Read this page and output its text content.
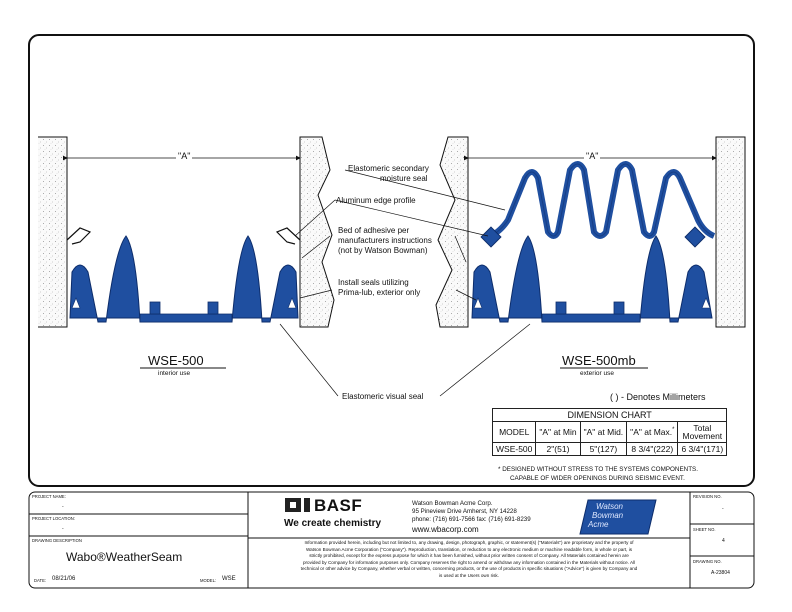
"A"	"A"
Elastomeric secondary
moisture seal
Aluminum edge profile
Bed of adhesive per
manufacturers instructions
(not by Watson Bowman)
Install seals utilizing
Prima-lub, exterior only
Elastomeric visual seal
WSE-500
interior use
WSE-500mb
exterior use
( ) - Denotes Millimeters
DIMENSION CHART				
MODEL	"A" at Min	"A" at Mid.	"A" at Max.*	Total
Movement
WSE-500	2"(51)	5"(127)	8 3/4"(222)	6 3/4"(171)
* DESIGNED WITHOUT STRESS TO THE SYSTEMS COMPONENTS.
CAPABLE OF WIDER OPENINGS DURING SEISMIC EVENT.
PROJECT NAME:
-
PROJECT LOCATION:
-
DRAWING DESCRIPTION
Wabo®WeatherSeam
DATE: 08/21/06	MODEL: WSE
BASF
We create chemistry
Watson Bowman Acme Corp.
95 Pineview Drive Amherst, NY 14228
phone: (716) 691-7566 fax: (716) 691-8239
www.wbacorp.com
Watson
Bowman
Acme
Information provided herein, including but not limited to, any drawing, design, photograph, graphic, or statement(s) ("Materials") are proprietary and the property of
Watson Bowman Acme Corporation ("Company"). Reproduction, translation, or reduction to any electronic medium or machine readable form, in whole or part, is
strictly prohibited, except for the express purpose for which it has been furnished, without prior written consent of Company. All Materials contained herein are
provided by Company for information purposes only. Company reserves the right to amend or withdraw any information contained in the Materials without notice. All
technical or other advice by Company, whether verbal or written, concerning products, or the use of products in specific situations ("Advice") is given by Company and
is used at the Users own risk.
REVISION NO.
-
SHEET NO.
4
DRAWING NO.
A-23804
